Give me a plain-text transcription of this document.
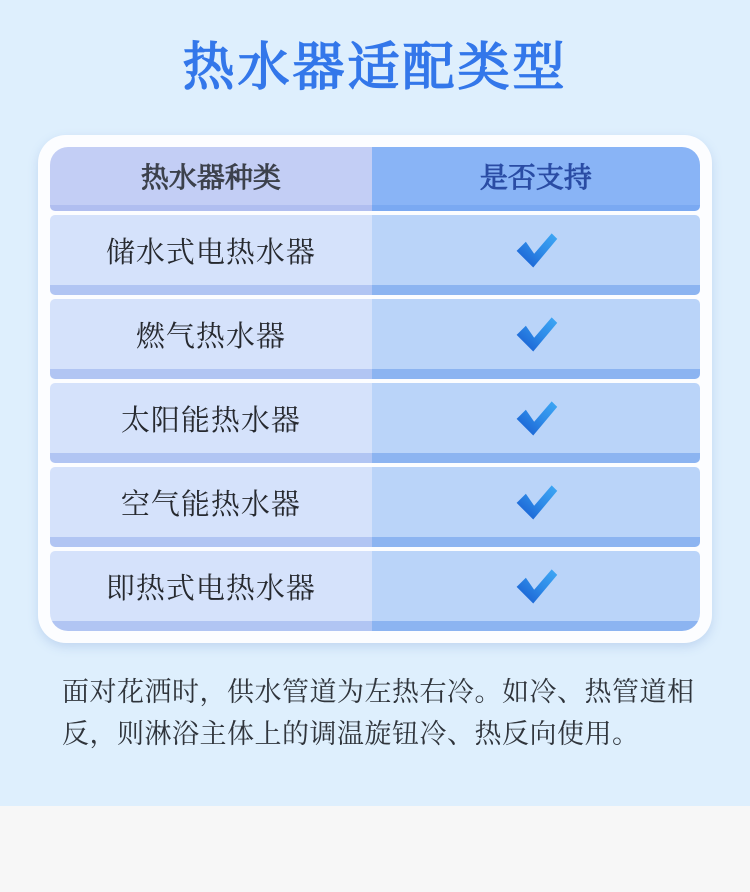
热水器适配类型
热水器种类	是否支持
储水式电热水器
燃气热水器
太阳能热水器
空气能热水器
即热式电热水器

面对花洒时，供水管道为左热右冷。如冷、热管道相反，则淋浴主体上的调温旋钮冷、热反向使用。
